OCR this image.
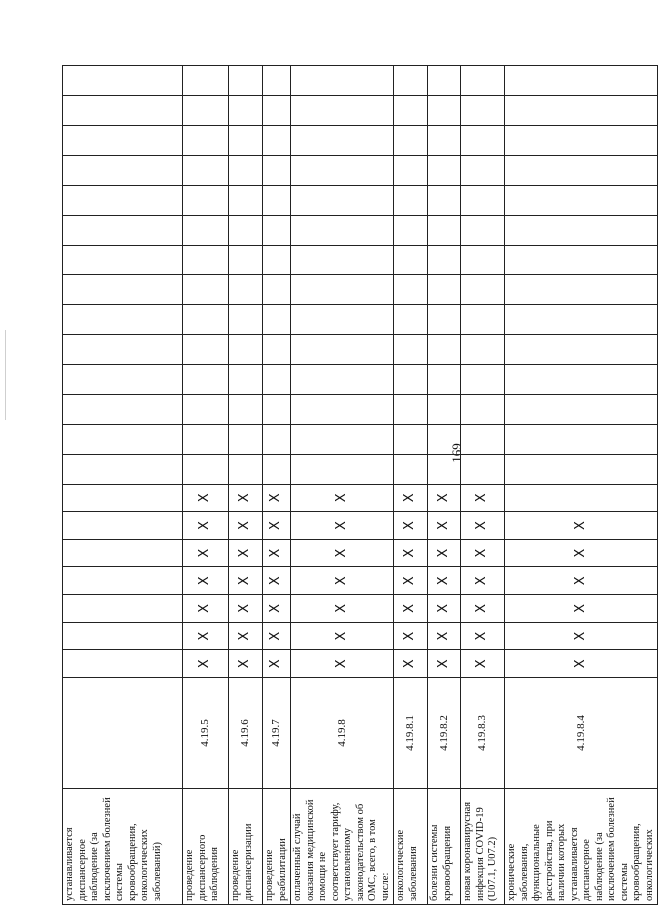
169
устанавливается диспансерное наблюдение (за исключением болезней системы кровообращения, онкологических заболеваний)																						
проведение диспансерного наблюдения	4.19.5	X	X	X	X	X	X	X														
проведение диспансеризации	4.19.6	X	X	X	X	X	X	X														
проведение реабилитации	4.19.7	X	X	X	X	X	X	X														
оплаченный случай оказания медицинской помощи не соответствует тарифу, установленному законодательством об ОМС, всего, в том числе:	4.19.8	X	X	X	X	X	X	X														
онкологические заболевания	4.19.8.1	X	X	X	X	X	X	X														
болезни системы кровообращения	4.19.8.2	X	X	X	X	X	X	X														
новая коронавирусная инфекция COVID-19 (U07.1, U07.2)	4.19.8.3	X	X	X	X	X	X	X														
хронические заболевания, функциональные расстройства, при наличии которых устанавливается диспансерное наблюдение (за исключением болезней системы кровообращения, онкологических	4.19.8.4	X	X	X	X	X	X															
